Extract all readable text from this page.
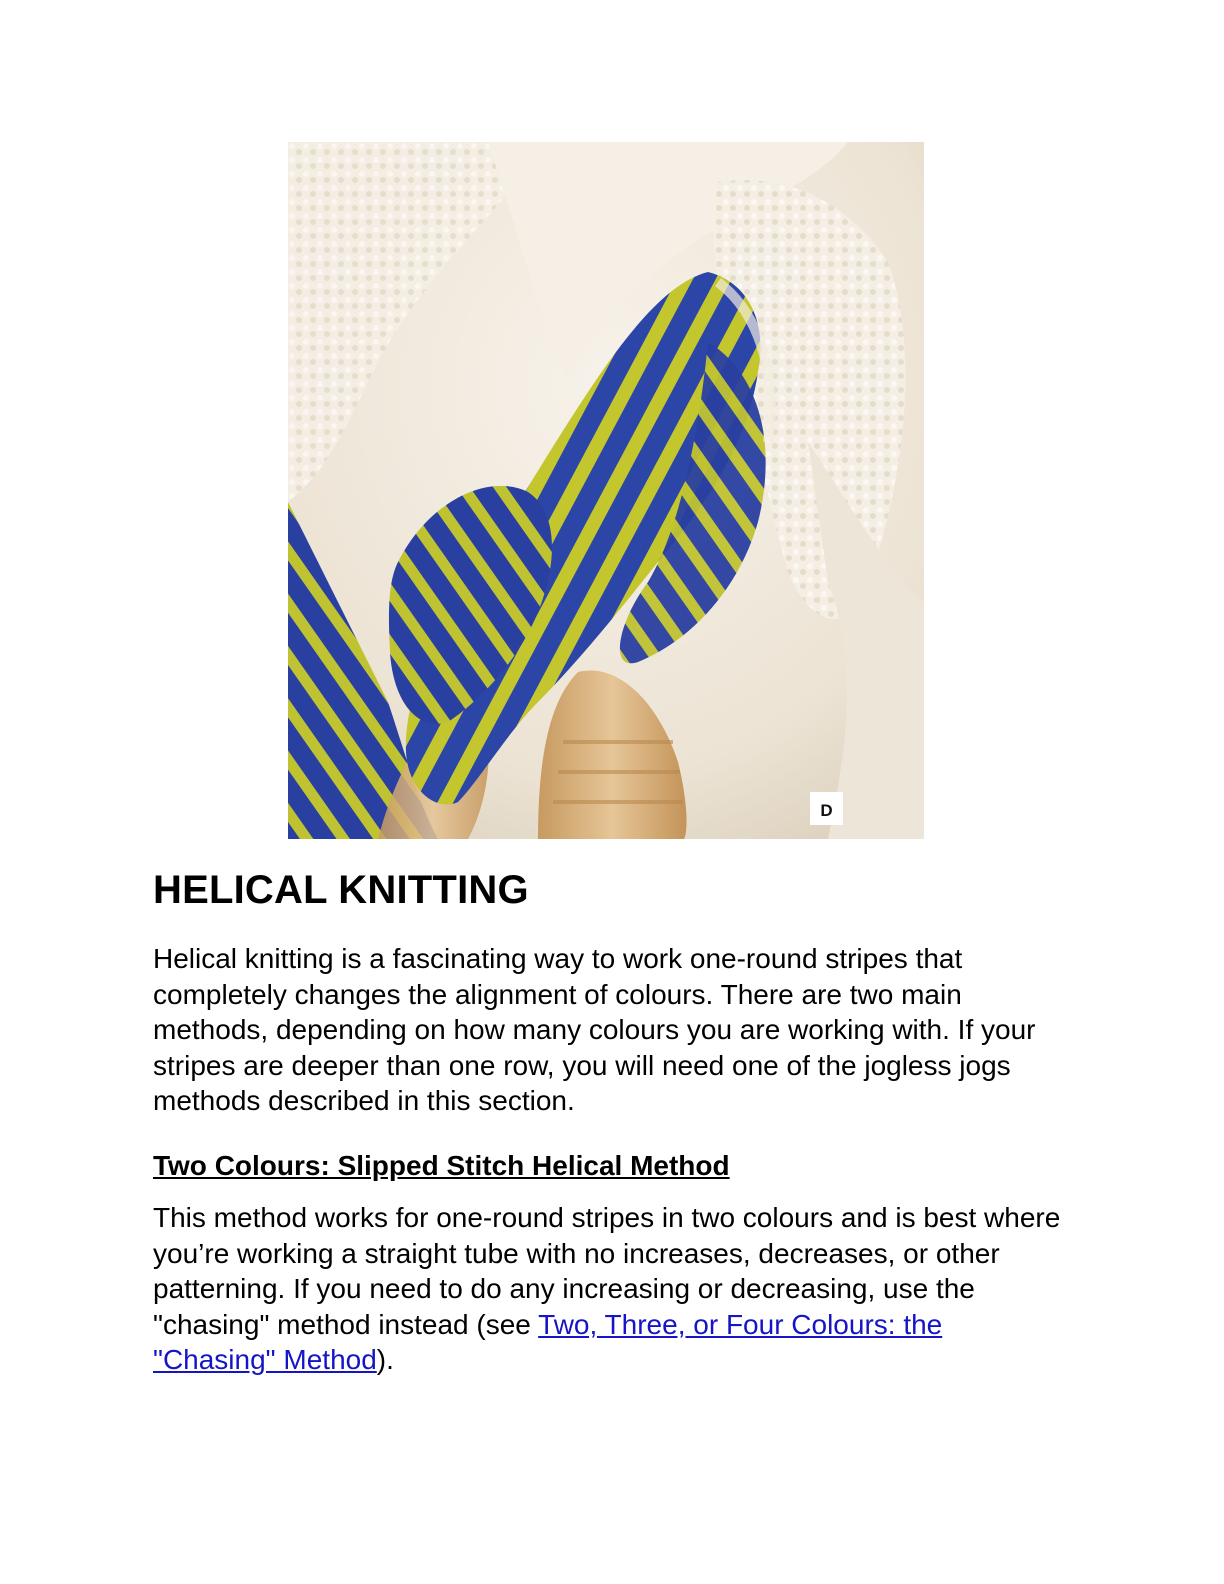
D
HELICAL KNITTING

Helical knitting is a fascinating way to work one-round stripes that completely changes the alignment of colours. There are two main methods, depending on how many colours you are working with. If your stripes are deeper than one row, you will need one of the jogless jogs methods described in this section.

Two Colours: Slipped Stitch Helical Method

This method works for one-round stripes in two colours and is best where you’re working a straight tube with no increases, decreases, or other patterning. If you need to do any increasing or decreasing, use the "chasing" method instead (see Two, Three, or Four Colours: the "Chasing" Method).
